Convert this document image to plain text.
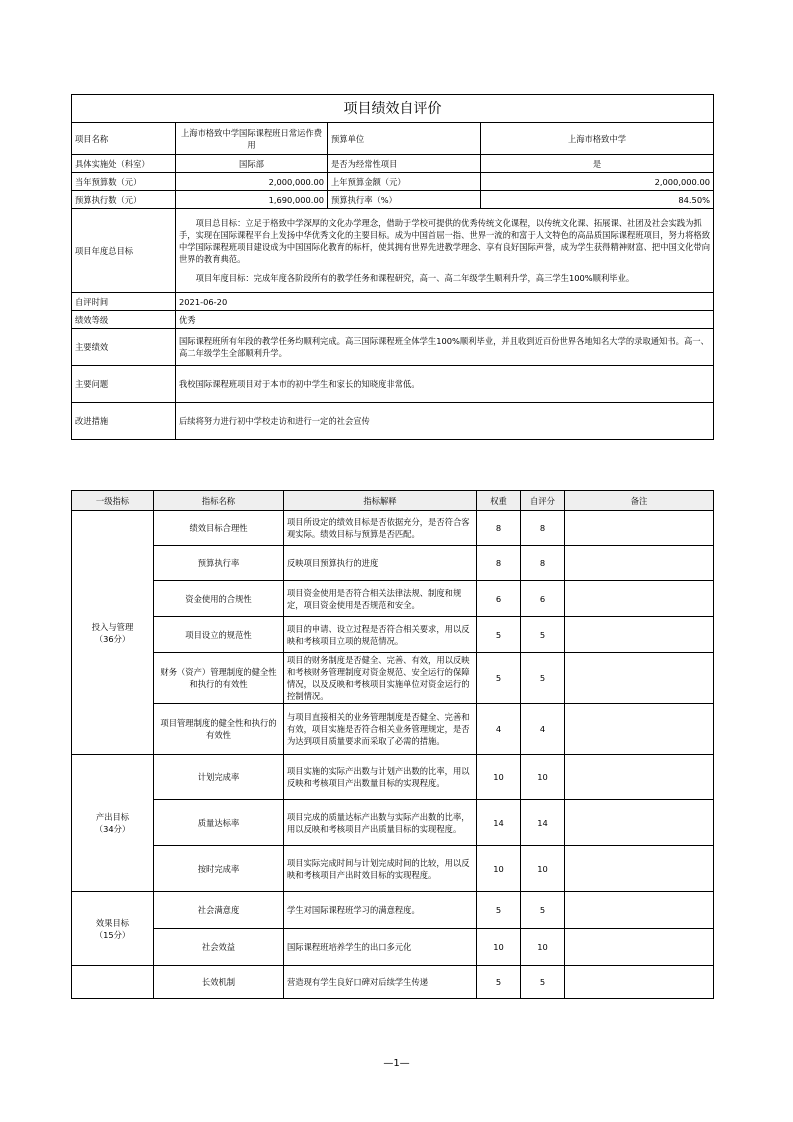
项目绩效自评价			
项目名称	上海市格致中学国际课程班日常运作费用	预算单位	上海市格致中学
具体实施处（科室）	国际部	是否为经常性项目	是
当年预算数（元）	2,000,000.00	上年预算金额（元）	2,000,000.00
预算执行数（元）	1,690,000.00	预算执行率（%）	84.50%
项目年度总目标	项目总目标：立足于格致中学深厚的文化办学理念，借助于学校可提供的优秀传统文化课程，以传统文化课、拓展课、社团及社会实践为抓手，实现在国际课程平台上发扬中华优秀文化的主要目标。成为中国首屈一指、世界一流的和富于人文特色的高品质国际课程班项目，努力将格致中学国际课程班项目建设成为中国国际化教育的标杆，使其拥有世界先进教学理念、享有良好国际声誉，成为学生获得精神财富、把中国文化带向世界的教育典范。

项目年度目标：完成年度各阶段所有的教学任务和课程研究，高一、高二年级学生顺利升学，高三学生100%顺利毕业。		

自评时间	2021-06-20		
绩效等级	优秀		
主要绩效	国际课程班所有年段的教学任务均顺利完成。高三国际课程班全体学生100%顺利毕业，并且收到近百份世界各地知名大学的录取通知书。高一、高二年级学生全部顺利升学。		
主要问题	我校国际课程班项目对于本市的初中学生和家长的知晓度非常低。		
改进措施	后续将努力进行初中学校走访和进行一定的社会宣传		
一级指标	指标名称	指标解释	权重	自评分	备注
投入与管理
（36分）	绩效目标合理性	项目所设定的绩效目标是否依据充分，是否符合客观实际。绩效目标与预算是否匹配。	8	8	
	预算执行率	反映项目预算执行的进度	8	8	
	资金使用的合规性	项目资金使用是否符合相关法律法规、制度和规定，项目资金使用是否规范和安全。	6	6	
	项目设立的规范性	项目的申请、设立过程是否符合相关要求，用以反映和考核项目立项的规范情况。	5	5	
	财务（资产）管理制度的健全性和执行的有效性	项目的财务制度是否健全、完善、有效，用以反映和考核财务管理制度对资金规范、安全运行的保障情况，以及反映和考核项目实施单位对资金运行的控制情况。	5	5	
	项目管理制度的健全性和执行的有效性	与项目直接相关的业务管理制度是否健全、完善和有效，项目实施是否符合相关业务管理规定，是否为达到项目质量要求而采取了必需的措施。	4	4	
产出目标
（34分）	计划完成率	项目实施的实际产出数与计划产出数的比率，用以反映和考核项目产出数量目标的实现程度。	10	10	
	质量达标率	项目完成的质量达标产出数与实际产出数的比率，用以反映和考核项目产出质量目标的实现程度。	14	14	
	按时完成率	项目实际完成时间与计划完成时间的比较，用以反映和考核项目产出时效目标的实现程度。	10	10	
效果目标
（15分）	社会满意度	学生对国际课程班学习的满意程度。	5	5	
	社会效益	国际课程班培养学生的出口多元化	10	10	
	长效机制	营造现有学生良好口碑对后续学生传递	5	5	
—1—
